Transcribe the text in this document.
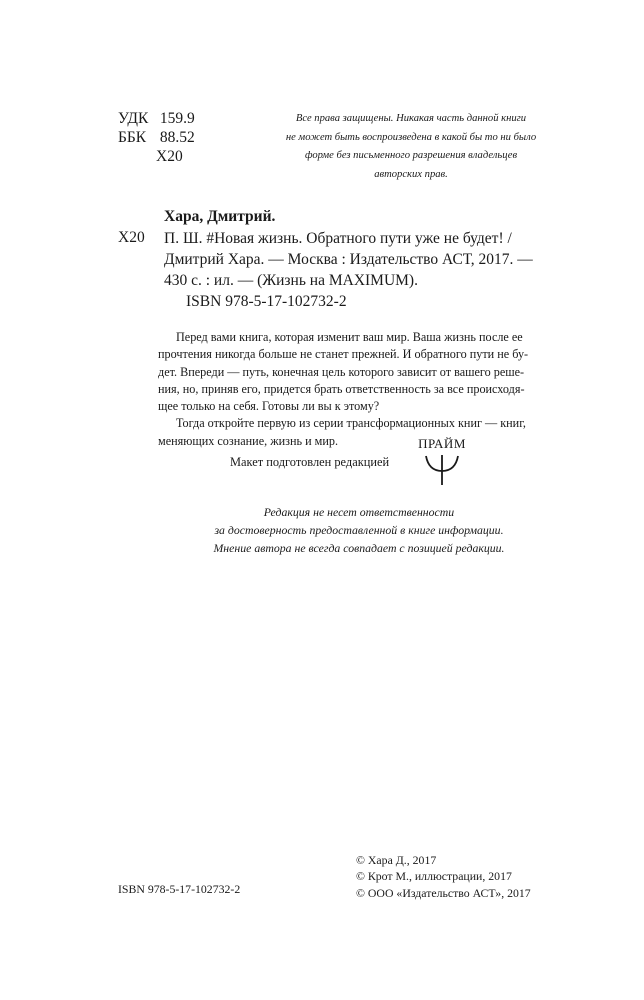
УДК 159.9
ББК 88.52
Х20
Все права защищены. Никакая часть данной книги
не может быть воспроизведена в какой бы то ни было
форме без письменного разрешения владельцев
авторских прав.
Хара, Дмитрий.
Х20 П. Ш. #Новая жизнь. Обратного пути уже не будет! /
Дмитрий Хара. — Москва : Издательство АСТ, 2017. —
430 с. : ил. — (Жизнь на MAXIMUM).
ISBN 978-5-17-102732-2
Перед вами книга, которая изменит ваш мир. Ваша жизнь после ее
прочтения никогда больше не станет прежней. И обратного пути не бу-
дет. Впереди — путь, конечная цель которого зависит от вашего реше-
ния, но, приняв его, придется брать ответственность за все происходя-
щее только на себя. Готовы ли вы к этому?
Тогда откройте первую из серии трансформационных книг — книг,
меняющих сознание, жизнь и мир.
Макет подготовлен редакцией
ПРАЙМ
Редакция не несет ответственности
за достоверность предоставленной в книге информации.
Мнение автора не всегда совпадает с позицией редакции.
© Хара Д., 2017
© Крот М., иллюстрации, 2017
© ООО «Издательство АСТ», 2017
ISBN 978-5-17-102732-2
